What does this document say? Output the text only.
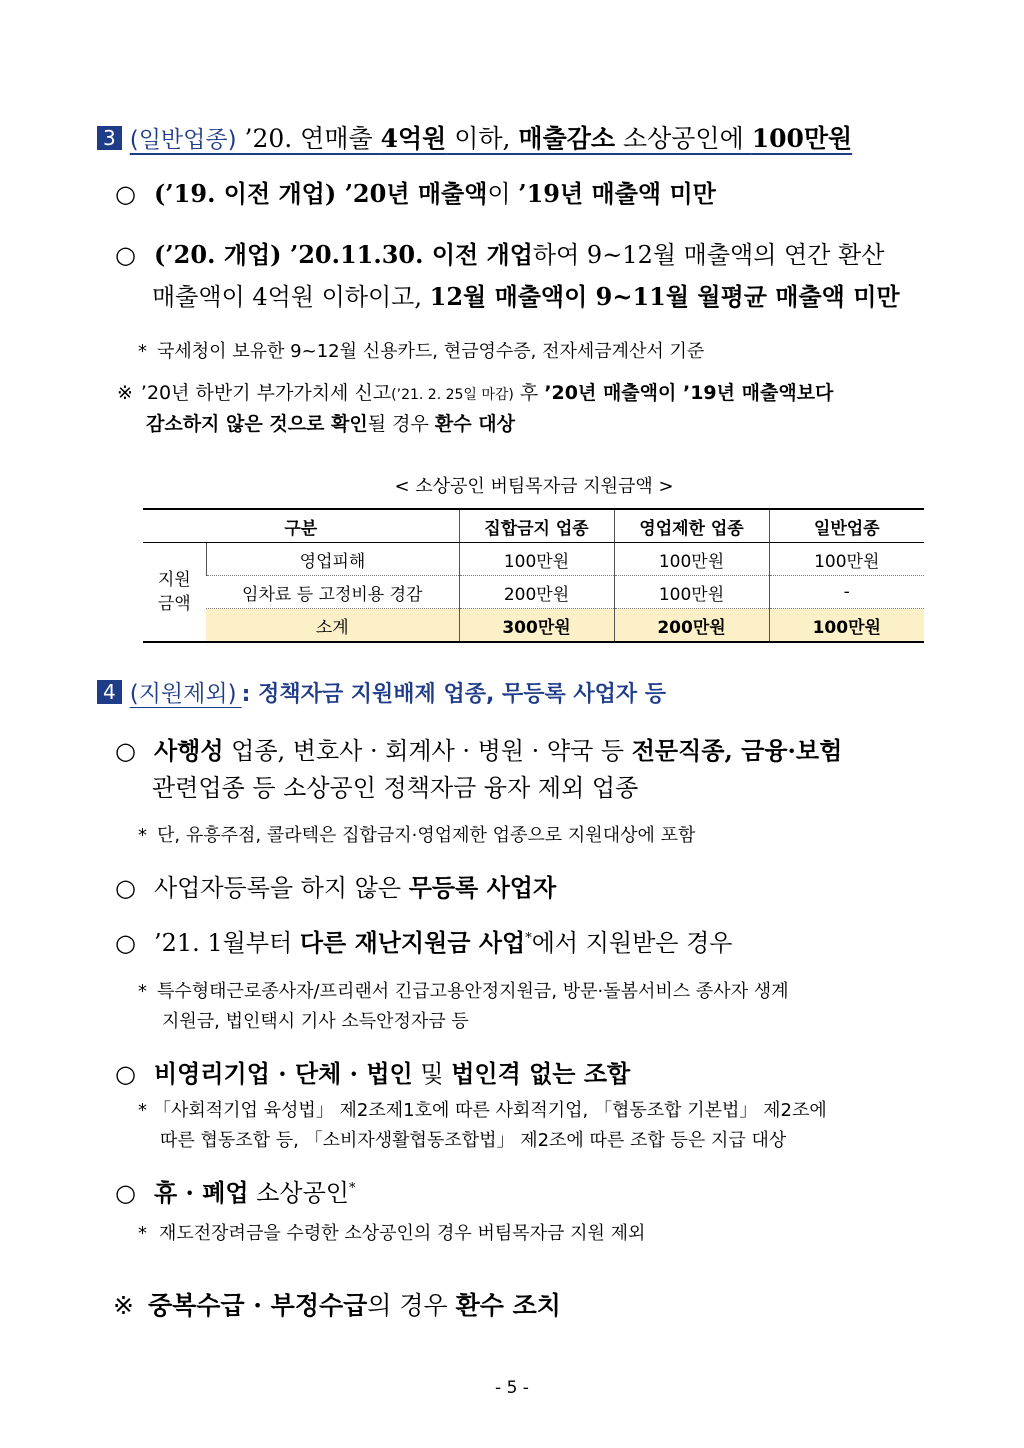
3 (일반업종) ’20. 연매출 4억원 이하, 매출감소 소상공인에 100만원
○ (’19. 이전 개업) ’20년 매출액이 ’19년 매출액 미만
○ (’20. 개업) ’20.11.30. 이전 개업하여 9~12월 매출액의 연간 환산
매출액이 4억원 이하이고, 12월 매출액이 9~11월 월평균 매출액 미만
* 국세청이 보유한 9~12월 신용카드, 현금영수증, 전자세금계산서 기준
※ ’20년 하반기 부가가치세 신고(’21. 2. 25일 마감) 후 ’20년 매출액이 ’19년 매출액보다
감소하지 않은 것으로 확인될 경우 환수 대상
< 소상공인 버팀목자금 지원금액 >
구분		집합금지 업종	영업제한 업종	일반업종
지원
금액	영업피해	100만원	100만원	100만원
	임차료 등 고정비용 경감	200만원	100만원	-
	소계	300만원	200만원	100만원
4 (지원제외) : 정책자금 지원배제 업종, 무등록 사업자 등
○ 사행성 업종, 변호사 · 회계사 · 병원 · 약국 등 전문직종, 금융·보험
관련업종 등 소상공인 정책자금 융자 제외 업종
* 단, 유흥주점, 콜라텍은 집합금지·영업제한 업종으로 지원대상에 포함
○ 사업자등록을 하지 않은 무등록 사업자
○ ’21. 1월부터 다른 재난지원금 사업*에서 지원받은 경우
* 특수형태근로종사자/프리랜서 긴급고용안정지원금, 방문·돌봄서비스 종사자 생계
지원금, 법인택시 기사 소득안정자금 등
○ 비영리기업 · 단체 · 법인 및 법인격 없는 조합
* 「사회적기업 육성법」 제2조제1호에 따른 사회적기업, 「협동조합 기본법」 제2조에
따른 협동조합 등, 「소비자생활협동조합법」 제2조에 따른 조합 등은 지급 대상
○ 휴 · 폐업 소상공인*
* 재도전장려금을 수령한 소상공인의 경우 버팀목자금 지원 제외
※ 중복수급 · 부정수급의 경우 환수 조치
- 5 -
